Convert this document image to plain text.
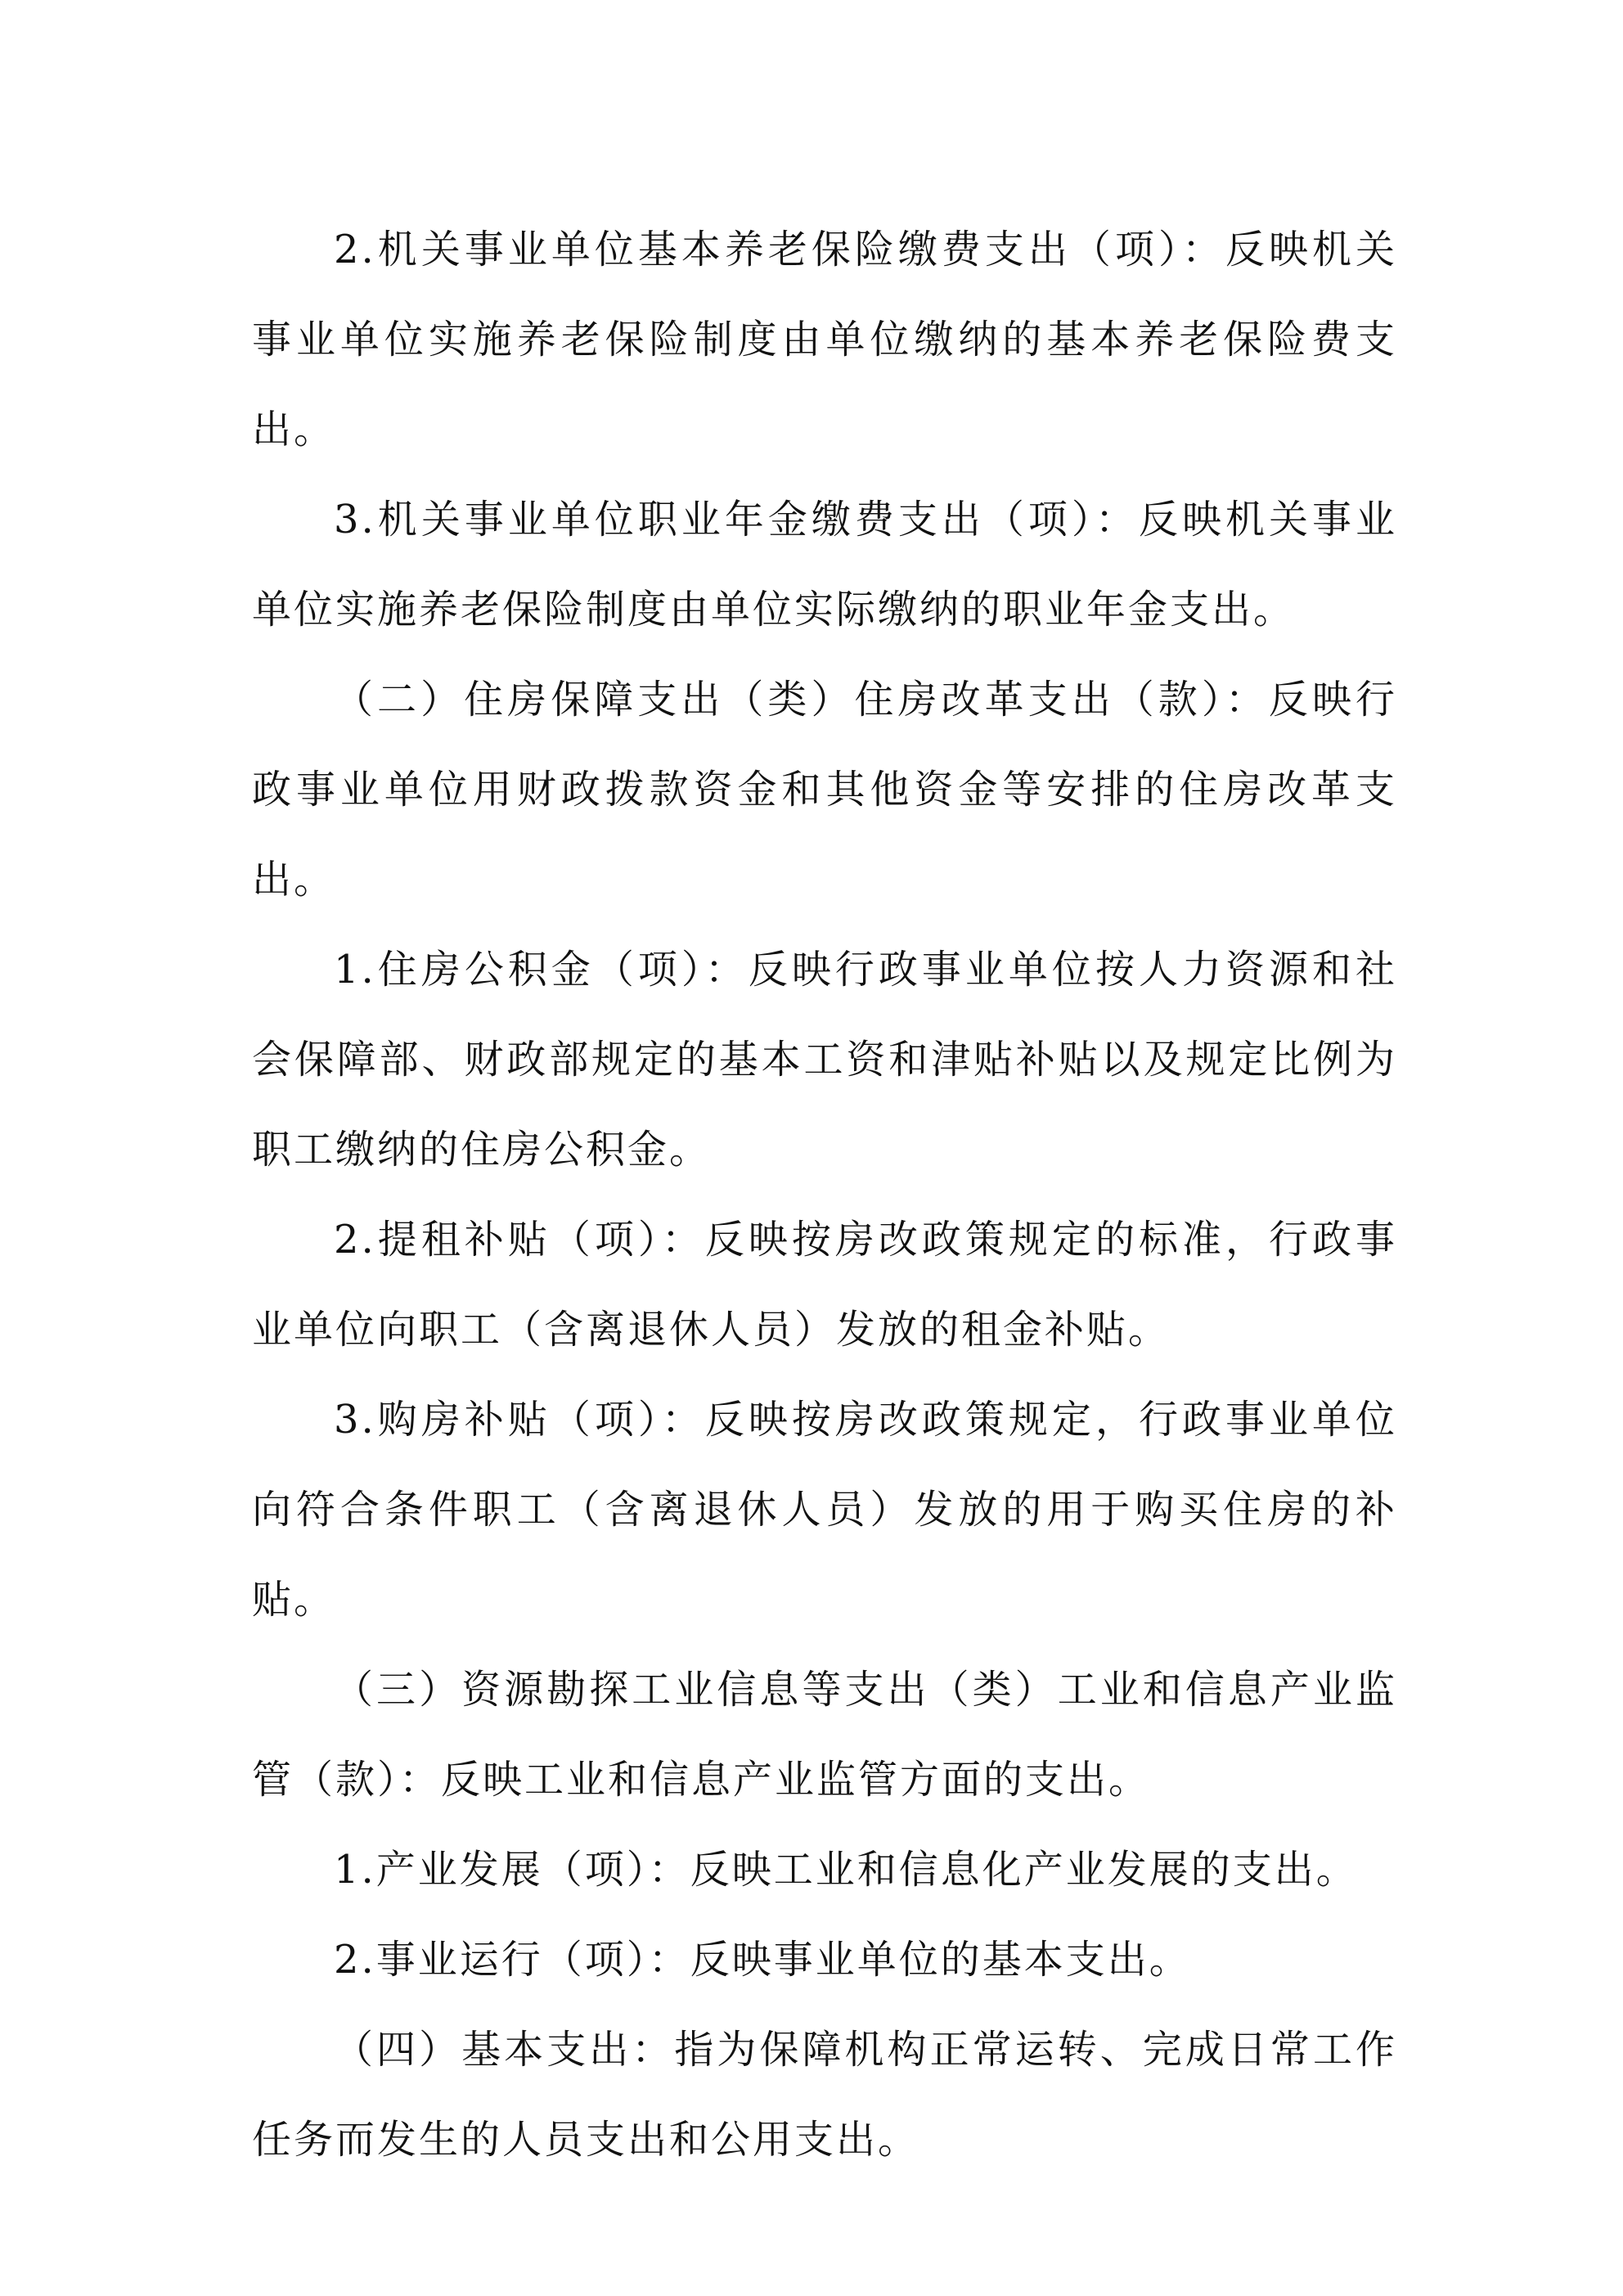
2.机关事业单位基本养老保险缴费支出（项）：反映机关事业单位实施养老保险制度由单位缴纳的基本养老保险费支出。

3.机关事业单位职业年金缴费支出（项）：反映机关事业单位实施养老保险制度由单位实际缴纳的职业年金支出。

（二）住房保障支出（类）住房改革支出（款）：反映行政事业单位用财政拨款资金和其他资金等安排的住房改革支出。

1.住房公积金（项）：反映行政事业单位按人力资源和社会保障部、财政部规定的基本工资和津贴补贴以及规定比例为职工缴纳的住房公积金。

2.提租补贴（项）：反映按房改政策规定的标准，行政事业单位向职工（含离退休人员）发放的租金补贴。

3.购房补贴（项）：反映按房改政策规定，行政事业单位向符合条件职工（含离退休人员）发放的用于购买住房的补贴。

（三）资源勘探工业信息等支出（类）工业和信息产业监管（款）：反映工业和信息产业监管方面的支出。

1.产业发展（项）：反映工业和信息化产业发展的支出。

2.事业运行（项）：反映事业单位的基本支出。

（四）基本支出：指为保障机构正常运转、完成日常工作任务而发生的人员支出和公用支出。
